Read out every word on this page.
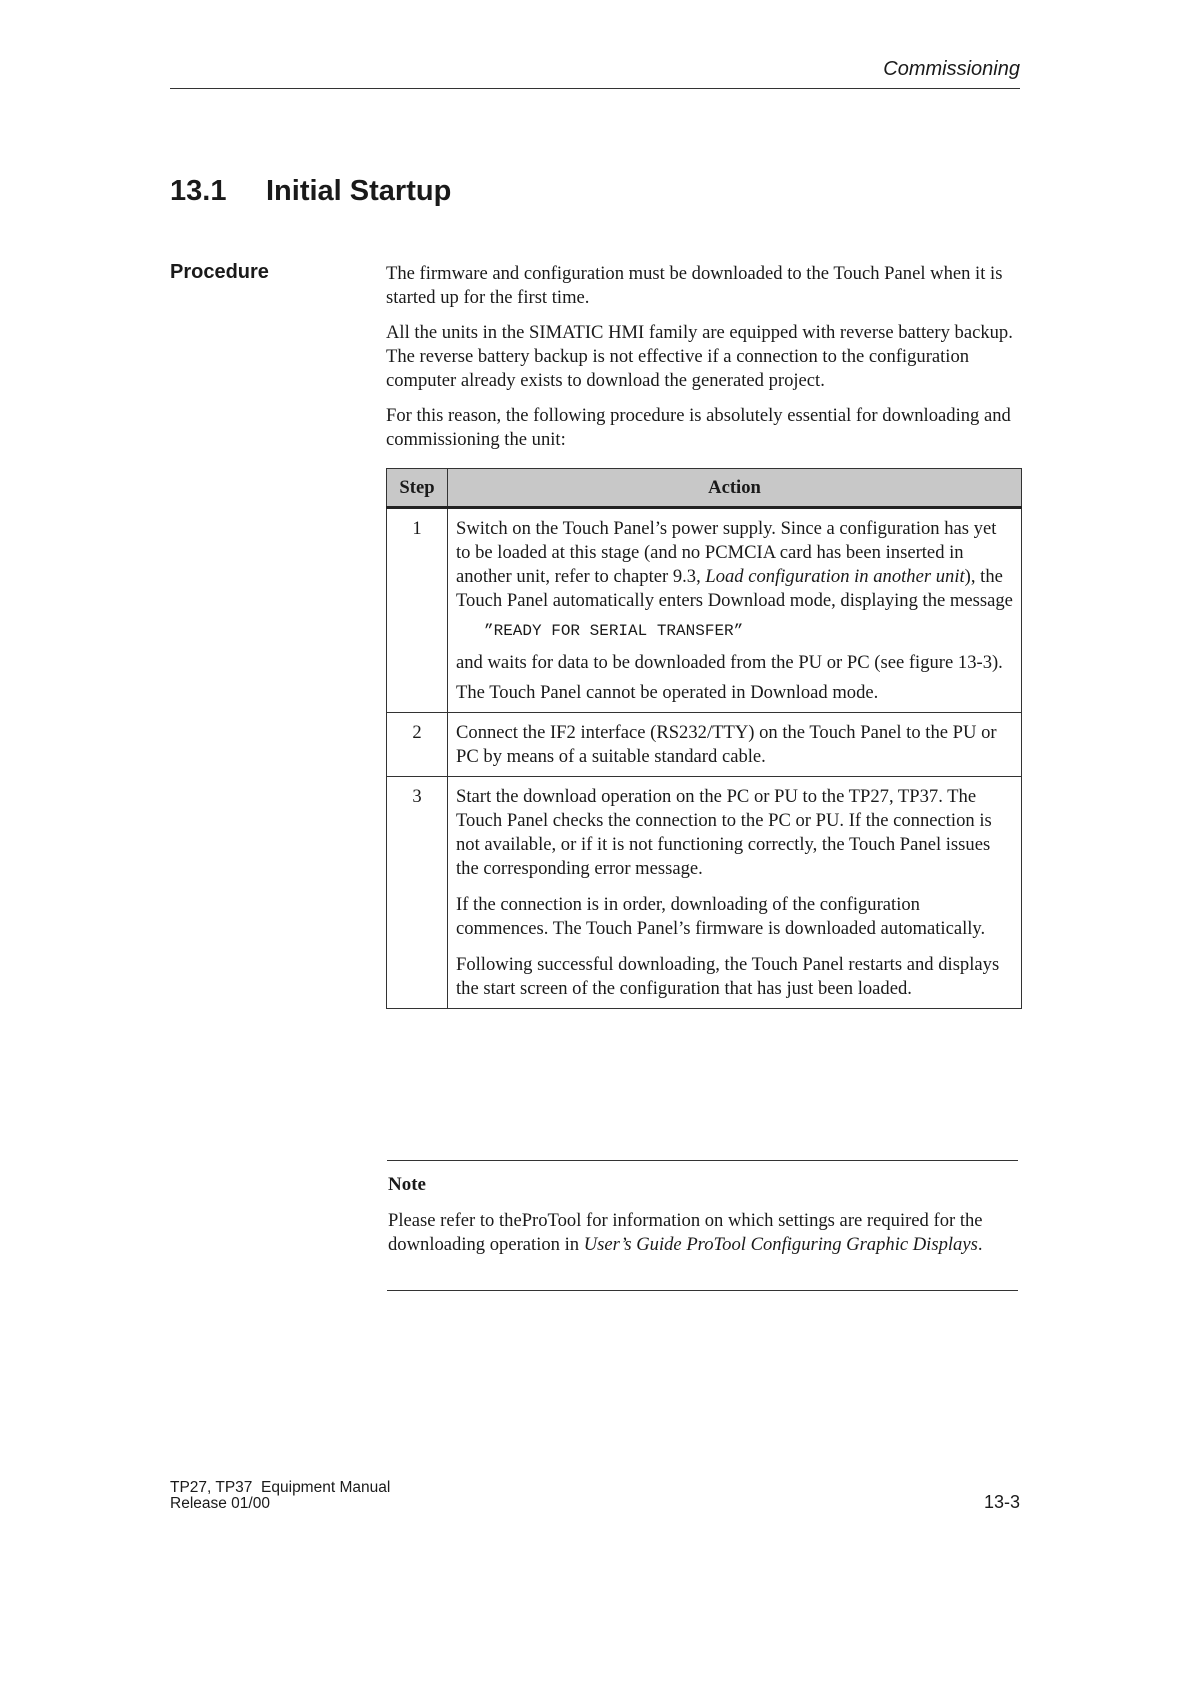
Commissioning
13.1 Initial Startup
Procedure	The firmware and configuration must be downloaded to the Touch Panel when it is started up for the first time.

All the units in the SIMATIC HMI family are equipped with reverse battery backup. The reverse battery backup is not effective if a connection to the configuration computer already exists to download the generated project.

For this reason, the following procedure is absolutely essential for downloading and commissioning the unit:

Step	Action
1	Switch on the Touch Panel’s power supply. Since a configuration has yet to be loaded at this stage (and no PCMCIA card has been inserted in another unit, refer to chapter 9.3, Load configuration in another unit), the Touch Panel automatically enters Download mode, displaying the message

”READY FOR SERIAL TRANSFER”

and waits for data to be downloaded from the PU or PC (see figure 13-3).

The Touch Panel cannot be operated in Download mode.

2	Connect the IF2 interface (RS232/TTY) on the Touch Panel to the PU or PC by means of a suitable standard cable.

3	Start the download operation on the PC or PU to the TP27, TP37. The Touch Panel checks the connection to the PC or PU. If the connection is not available, or if it is not functioning correctly, the Touch Panel issues the corresponding error message.

If the connection is in order, downloading of the configuration commences. The Touch Panel’s firmware is downloaded automatically.

Following successful downloading, the Touch Panel restarts and displays the start screen of the configuration that has just been loaded.

Note
Please refer to theProTool for information on which settings are required for the downloading operation in User’s Guide ProTool Configuring Graphic Displays.
TP27, TP37  Equipment Manual
Release 01/00	13-3
